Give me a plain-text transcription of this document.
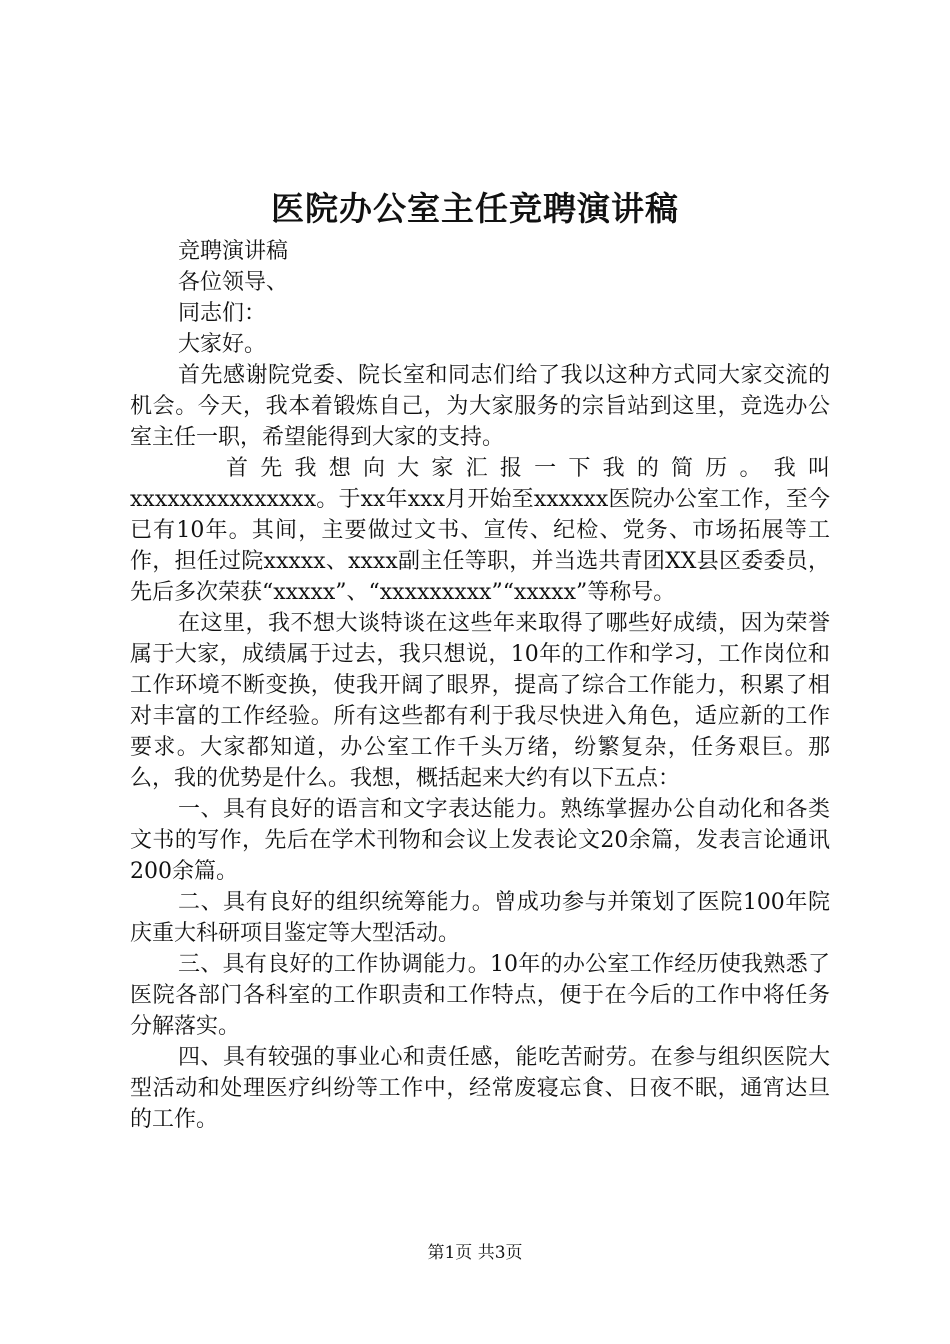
医院办公室主任竞聘演讲稿

竞聘演讲稿

各位领导、

同志们：

大家好。

首先感谢院党委、院长室和同志们给了我以这种方式同大家交流的机会。今天，我本着锻炼自己，为大家服务的宗旨站到这里，竞选办公室主任一职，希望能得到大家的支持。

首先我想向大家汇报一下我的简历。我叫xxxxxxxxxxxxxxx。于xx年xxx月开始至xxxxxx医院办公室工作，至今已有10年。其间，主要做过文书、宣传、纪检、党务、市场拓展等工作，担任过院xxxxx、xxxx副主任等职，并当选共青团XX县区委委员，先后多次荣获“xxxxx”、“xxxxxxxxx”“xxxxx”等称号。

在这里，我不想大谈特谈在这些年来取得了哪些好成绩，因为荣誉属于大家，成绩属于过去，我只想说，10年的工作和学习，工作岗位和工作环境不断变换，使我开阔了眼界，提高了综合工作能力，积累了相对丰富的工作经验。所有这些都有利于我尽快进入角色，适应新的工作要求。大家都知道，办公室工作千头万绪，纷繁复杂，任务艰巨。那么，我的优势是什么。我想，概括起来大约有以下五点：

一、具有良好的语言和文字表达能力。熟练掌握办公自动化和各类文书的写作，先后在学术刊物和会议上发表论文20余篇，发表言论通讯200余篇。

二、具有良好的组织统筹能力。曾成功参与并策划了医院100年院庆重大科研项目鉴定等大型活动。

三、具有良好的工作协调能力。10年的办公室工作经历使我熟悉了医院各部门各科室的工作职责和工作特点，便于在今后的工作中将任务分解落实。

四、具有较强的事业心和责任感，能吃苦耐劳。在参与组织医院大型活动和处理医疗纠纷等工作中，经常废寝忘食、日夜不眠，通宵达旦的工作。

第1页 共3页
